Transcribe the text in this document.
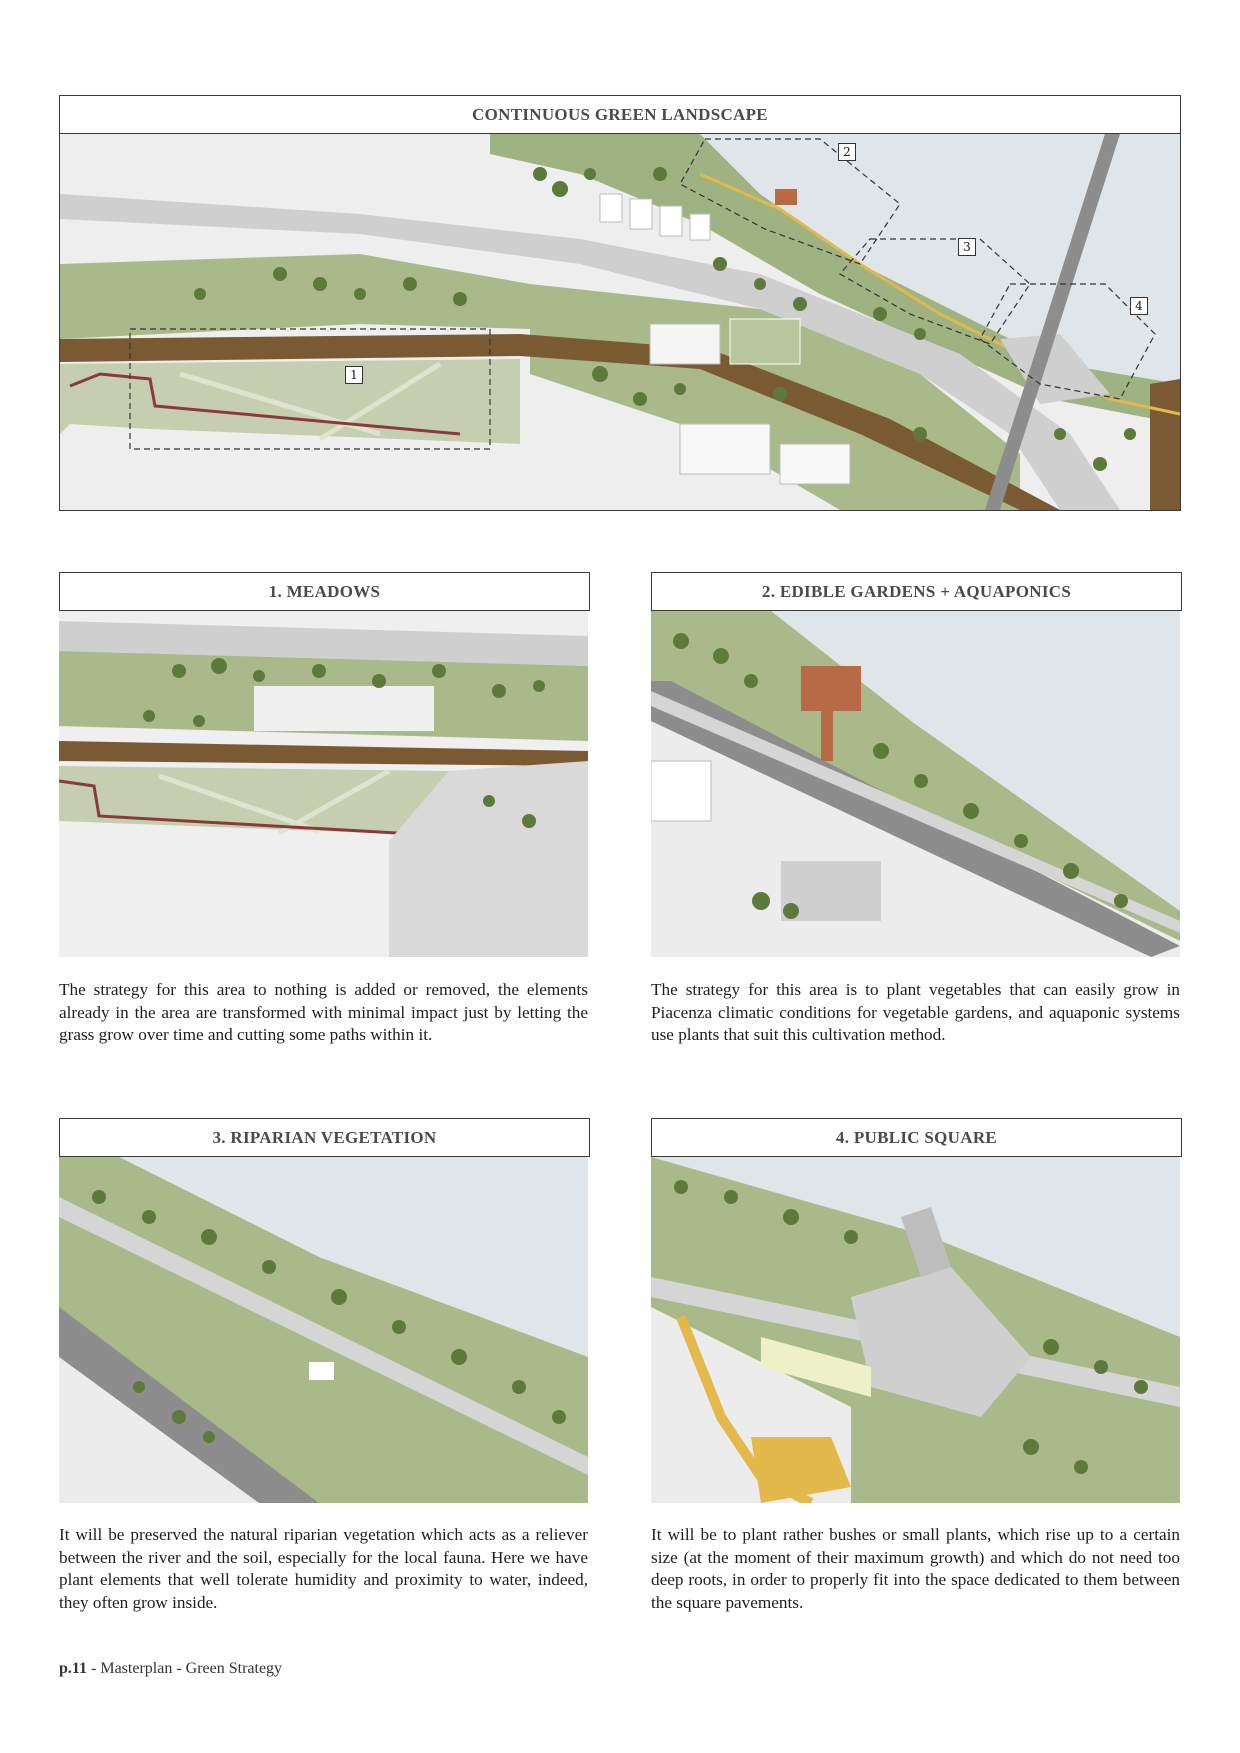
CONTINUOUS GREEN LANDSCAPE
1
2
3
4
1. MEADOWS
The strategy for this area to nothing is added or removed, the elements already in the area are transformed with minimal impact just by letting the grass grow over time and cutting some paths within it.
2. EDIBLE GARDENS + AQUAPONICS
The strategy for this area is to plant vegetables that can easily grow in Piacenza climatic conditions for vegetable gardens, and aquaponic systems use plants that suit this cultivation method.
3. RIPARIAN VEGETATION
It will be preserved the natural riparian vegetation which acts as a reliever between the river and the soil, especially for the local fauna. Here we have plant elements that well tolerate humidity and proximity to water, indeed, they often grow inside.
4. PUBLIC SQUARE
It will be to plant rather bushes or small plants, which rise up to a certain size (at the moment of their maximum growth) and which do not need too deep roots, in order to properly fit into the space dedicated to them between the square pavements.
p.11 - Masterplan - Green Strategy
